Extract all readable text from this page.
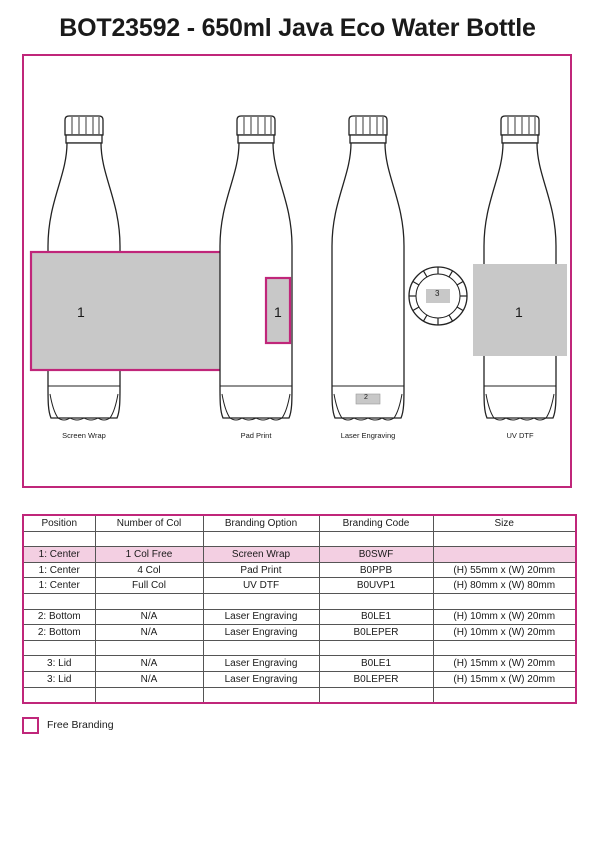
BOT23592 - 650ml Java Eco Water Bottle
1	1
2
3
1
Screen Wrap	Pad Print	Laser Engraving	UV DTF
Position	Number of Col	Branding Option	Branding Code	Size

1: Center	1 Col Free	Screen Wrap	B0SWF	
1: Center	4 Col	Pad Print	B0PPB	(H) 55mm x (W) 20mm
1: Center	Full Col	UV DTF	B0UVP1	(H) 80mm x (W) 80mm

2: Bottom	N/A	Laser Engraving	B0LE1	(H) 10mm x (W) 20mm
2: Bottom	N/A	Laser Engraving	B0LEPER	(H) 10mm x (W) 20mm

3: Lid	N/A	Laser Engraving	B0LE1	(H) 15mm x (W) 20mm
3: Lid	N/A	Laser Engraving	B0LEPER	(H) 15mm x (W) 20mm

Free Branding
